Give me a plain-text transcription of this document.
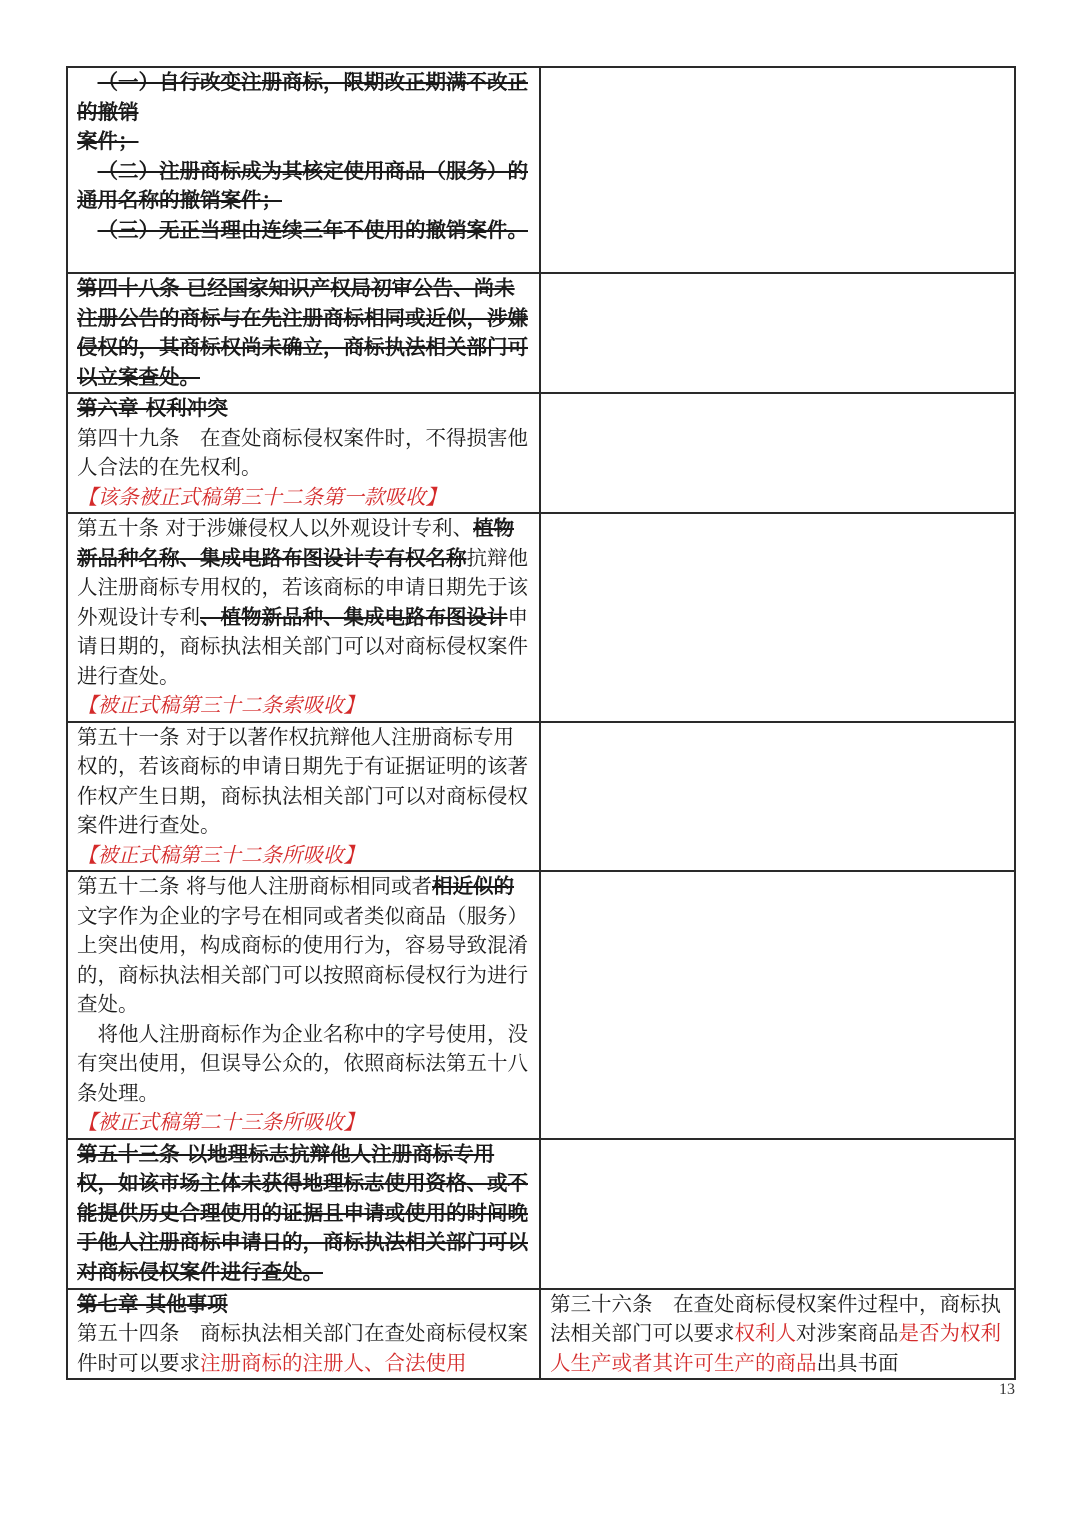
（一）自行改变注册商标，限期改正期满不改正的撤销

案件；

（二）注册商标成为其核定使用商品（服务）的通用名称的撤销案件；

（三）无正当理由连续三年不使用的撤销案件。	

第四十八条 已经国家知识产权局初审公告、尚未注册公告的商标与在先注册商标相同或近似，涉嫌侵权的，其商标权尚未确立，商标执法相关部门可以立案查处。	

第六章 权利冲突

第四十九条　在查处商标侵权案件时，不得损害他人合法的在先权利。

【该条被正式稿第三十二条第一款吸收】	

第五十条 对于涉嫌侵权人以外观设计专利、植物新品种名称、集成电路布图设计专有权名称抗辩他人注册商标专用权的，若该商标的申请日期先于该外观设计专利、植物新品种、集成电路布图设计申请日期的，商标执法相关部门可以对商标侵权案件进行查处。

【被正式稿第三十二条索吸收】	

第五十一条 对于以著作权抗辩他人注册商标专用权的，若该商标的申请日期先于有证据证明的该著作权产生日期，商标执法相关部门可以对商标侵权案件进行查处。

【被正式稿第三十二条所吸收】	

第五十二条 将与他人注册商标相同或者相近似的文字作为企业的字号在相同或者类似商品（服务）上突出使用，构成商标的使用行为，容易导致混淆的，商标执法相关部门可以按照商标侵权行为进行查处。

将他人注册商标作为企业名称中的字号使用，没有突出使用，但误导公众的，依照商标法第五十八条处理。

【被正式稿第二十三条所吸收】	

第五十三条 以地理标志抗辩他人注册商标专用权，如该市场主体未获得地理标志使用资格、或不能提供历史合理使用的证据且申请或使用的时间晚于他人注册商标申请日的，商标执法相关部门可以对商标侵权案件进行查处。	

第七章 其他事项

第五十四条　商标执法相关部门在查处商标侵权案件时可以要求注册商标的注册人、合法使用	第三十六条　在查处商标侵权案件过程中，商标执法相关部门可以要求权利人对涉案商品是否为权利人生产或者其许可生产的商品出具书面

13
